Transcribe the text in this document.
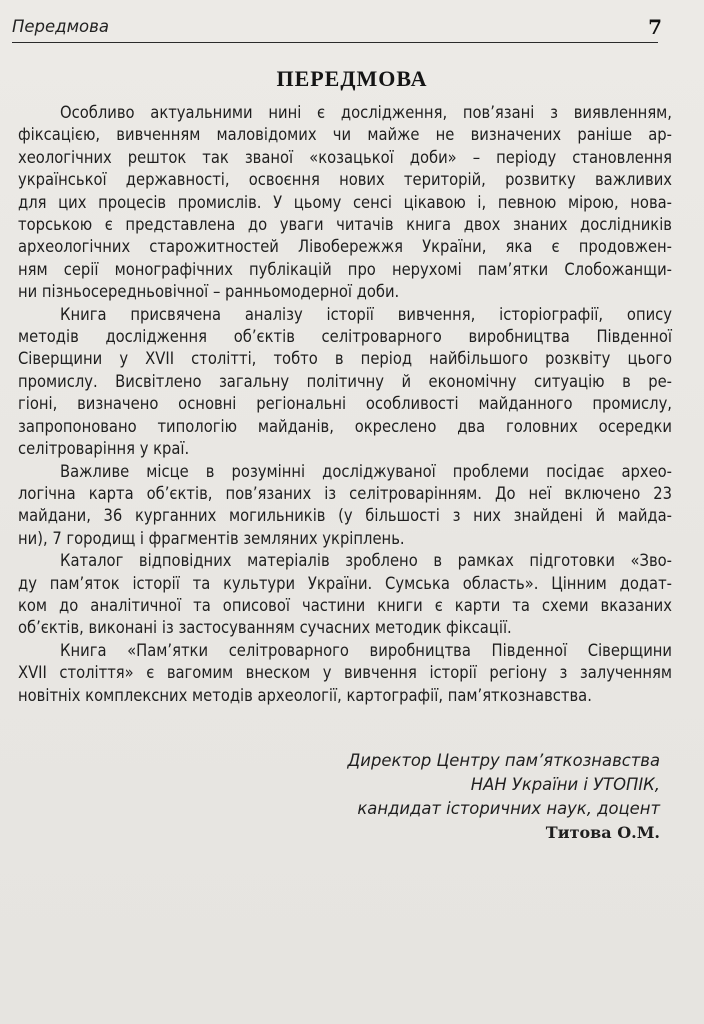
Передмова	7
ПЕРЕДМОВА

Особливо актуальними нині є дослідження, пов’язані з виявленням,
фіксацією, вивченням маловідомих чи майже не визначених раніше ар-
хеологічних решток так званої «козацької доби» – періоду становлення
української державності, освоєння нових територій, розвитку важливих
для цих процесів промислів. У цьому сенсі цікавою і, певною мірою, нова-
торською є представлена до уваги читачів книга двох знаних дослідників
археологічних старожитностей Лівобережжя України, яка є продовжен-
ням серії монографічних публікацій про нерухомі пам’ятки Слобожанщи-
ни пізньосередньовічної – ранньомодерної доби.

Книга присвячена аналізу історії вивчення, історіографії, опису
методів дослідження об’єктів селітроварного виробництва Південної
Сіверщини у XVII столітті, тобто в період найбільшого розквіту цього
промислу. Висвітлено загальну політичну й економічну ситуацію в ре-
гіоні, визначено основні регіональні особливості майданного промислу,
запропоновано типологію майданів, окреслено два головних осередки
селітроваріння у краї.

Важливе місце в розумінні досліджуваної проблеми посідає архео-
логічна карта об’єктів, пов’язаних із селітроварінням. До неї включено 23
майдани, 36 курганних могильників (у більшості з них знайдені й майда-
ни), 7 городищ і фрагментів земляних укріплень.

Каталог відповідних матеріалів зроблено в рамках підготовки «Зво-
ду пам’яток історії та культури України. Сумська область». Цінним додат-
ком до аналітичної та описової частини книги є карти та схеми вказаних
об’єктів, виконані із застосуванням сучасних методик фіксації.

Книга «Пам’ятки селітроварного виробництва Південної Сіверщини
XVII століття» є вагомим внеском у вивчення історії регіону з залученням
новітніх комплексних методів археології, картографії, пам’яткознавства.

Директор Центру пам’яткознавства
НАН України і УТОПІК,
кандидат історичних наук, доцент
Титова О.М.
